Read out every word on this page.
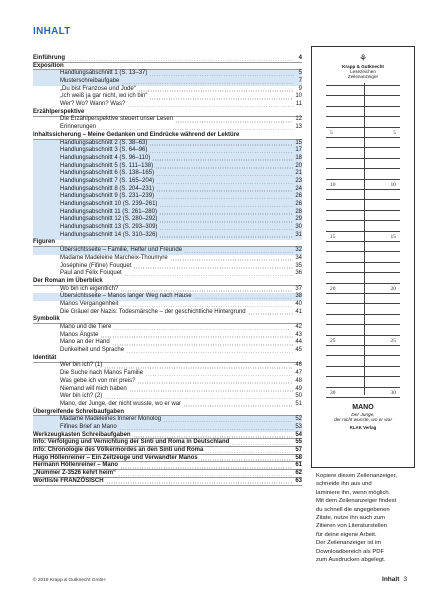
INHALT
Einführung	4
Exposition
Handlungsabschnitt 1 (S. 13–37)	5
Musterschreibaufgabe	7
„Du bist Franzose und Jude“	9
„Ich weiß ja gar nicht, wo ich bin“	10
Wer? Wo? Wann? Was?	11
Erzählperspektive
Die Erzählperspektive steuert unser Lesen	12
Erinnerungen	13
Inhaltssicherung – Meine Gedanken und Eindrücke während der Lektüre
Handlungsabschnitt 2 (S. 38–63)	15
Handlungsabschnitt 3 (S. 64–96)	17
Handlungsabschnitt 4 (S. 96–110)	18
Handlungsabschnitt 5 (S. 111–138)	20
Handlungsabschnitt 6 (S. 138–165)	21
Handlungsabschnitt 7 (S. 165–204)	23
Handlungsabschnitt 8 (S. 204–231)	24
Handlungsabschnitt 9 (S. 231–239)	26
Handlungsabschnitt 10 (S. 239–261)	26
Handlungsabschnitt 11 (S. 261–280)	28
Handlungsabschnitt 12 (S. 280–292)	29
Handlungsabschnitt 13 (S. 293–309)	30
Handlungsabschnitt 14 (S. 310–326)	31
Figuren
Übersichtsseite – Familie, Helfer und Freunde	32
Madame Madeleine Marcheix-Thoumyre	34
Joséphine (Fifine) Fouquet	35
Paul and Félix Fouquet	36
Der Roman im Überblick
Wo bin ich eigentlich?	37
Übersichtsseite – Manos langer Weg nach Hause	38
Manos Vergangenheit	40
Die Gräuel der Nazis: Todesmärsche – der geschichtliche Hintergrund	41
Symbolik
Mano und die Tiere	42
Manos Ängste	43
Mano an der Hand	44
Dunkelheit und Sprache	45
Identität
Wer bin ich? (1)	46
Die Suche nach Manos Familie	47
Was gebe ich von mir preis?	48
Niemand will mich haben	49
Wer bin ich? (2)	50
Mano, der Junge, der nicht wusste, wo er war	51
Übergreifende Schreibaufgaben
Madame Madeleines Innerer Monolog	52
Fifines Brief an Mano	53
Werkzeugkasten Schreibaufgaben	54
Info: Verfolgung und Vernichtung der Sinti und Roma in Deutschland	55
Info: Chronologie des Völkermordes an den Sinti und Roma	57
Hugo Höllenreiner – Ein Zeitzeuge und Verwandter Manos	58
Hermann Höllenreiner – Mano	61
„Nummer Z-3526 kehrt heim“	62
Wortliste FRANZÖSISCH	63
⚘
Krapp & Gutknecht
Lesezeichen
Zeilenanzeiger
5	5
10	10
15	15
20	20
25	25
30	30
MANO
Der Junge,
der nicht wusste, wo er war
KLAK Verlag
Kopiere diesen Zeilenanzeiger,
schneide ihn aus und
laminiere ihn, wenn möglich.
Mit dem Zeilenanzeiger findest
du schnell die angegebenen
Zitate, nutze ihn auch zum
Zitieren von Literaturstellen
für deine eigene Arbeit.
Der Zeilenanzeiger ist im
Downloadbereich als PDF
zum Ausdrucken abgelegt.
© 2018 Krapp & Gutknecht GmbH	Inhalt 3
